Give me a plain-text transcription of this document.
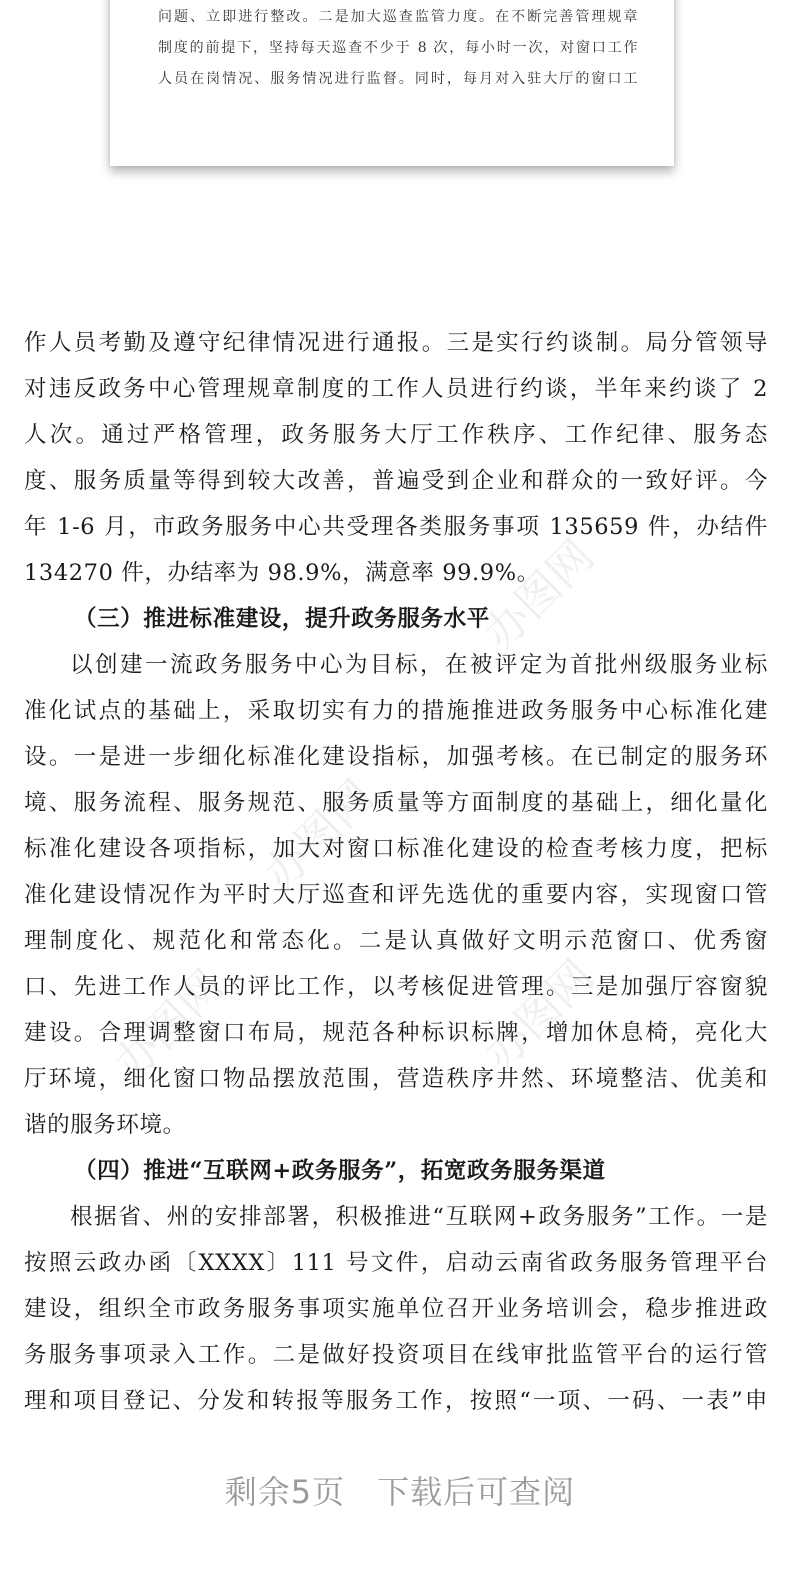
问题、立即进行整改。二是加大巡查监管力度。在不断完善管理规章
制度的前提下，坚持每天巡查不少于 8 次，每小时一次，对窗口工作
人员在岗情况、服务情况进行监督。同时，每月对入驻大厅的窗口工
办图网
办图网
办图网
办图网
作人员考勤及遵守纪律情况进行通报。三是实行约谈制。局分管领导
对违反政务中心管理规章制度的工作人员进行约谈，半年来约谈了 2
人次。通过严格管理，政务服务大厅工作秩序、工作纪律、服务态
度、服务质量等得到较大改善，普遍受到企业和群众的一致好评。今
年 1-6 月，市政务服务中心共受理各类服务事项 135659 件，办结件
134270 件，办结率为 98.9%，满意率 99.9%。
（三）推进标准建设，提升政务服务水平
以创建一流政务服务中心为目标，在被评定为首批州级服务业标
准化试点的基础上，采取切实有力的措施推进政务服务中心标准化建
设。一是进一步细化标准化建设指标，加强考核。在已制定的服务环
境、服务流程、服务规范、服务质量等方面制度的基础上，细化量化
标准化建设各项指标，加大对窗口标准化建设的检查考核力度，把标
准化建设情况作为平时大厅巡查和评先选优的重要内容，实现窗口管
理制度化、规范化和常态化。二是认真做好文明示范窗口、优秀窗
口、先进工作人员的评比工作，以考核促进管理。三是加强厅容窗貌
建设。合理调整窗口布局，规范各种标识标牌，增加休息椅，亮化大
厅环境，细化窗口物品摆放范围，营造秩序井然、环境整洁、优美和
谐的服务环境。
（四）推进“互联网+政务服务”，拓宽政务服务渠道
根据省、州的安排部署，积极推进“互联网+政务服务”工作。一是
按照云政办函〔XXXX〕111 号文件，启动云南省政务服务管理平台
建设，组织全市政务服务事项实施单位召开业务培训会，稳步推进政
务服务事项录入工作。二是做好投资项目在线审批监管平台的运行管
理和项目登记、分发和转报等服务工作，按照“一项、一码、一表”申
剩余5页 下载后可查阅
